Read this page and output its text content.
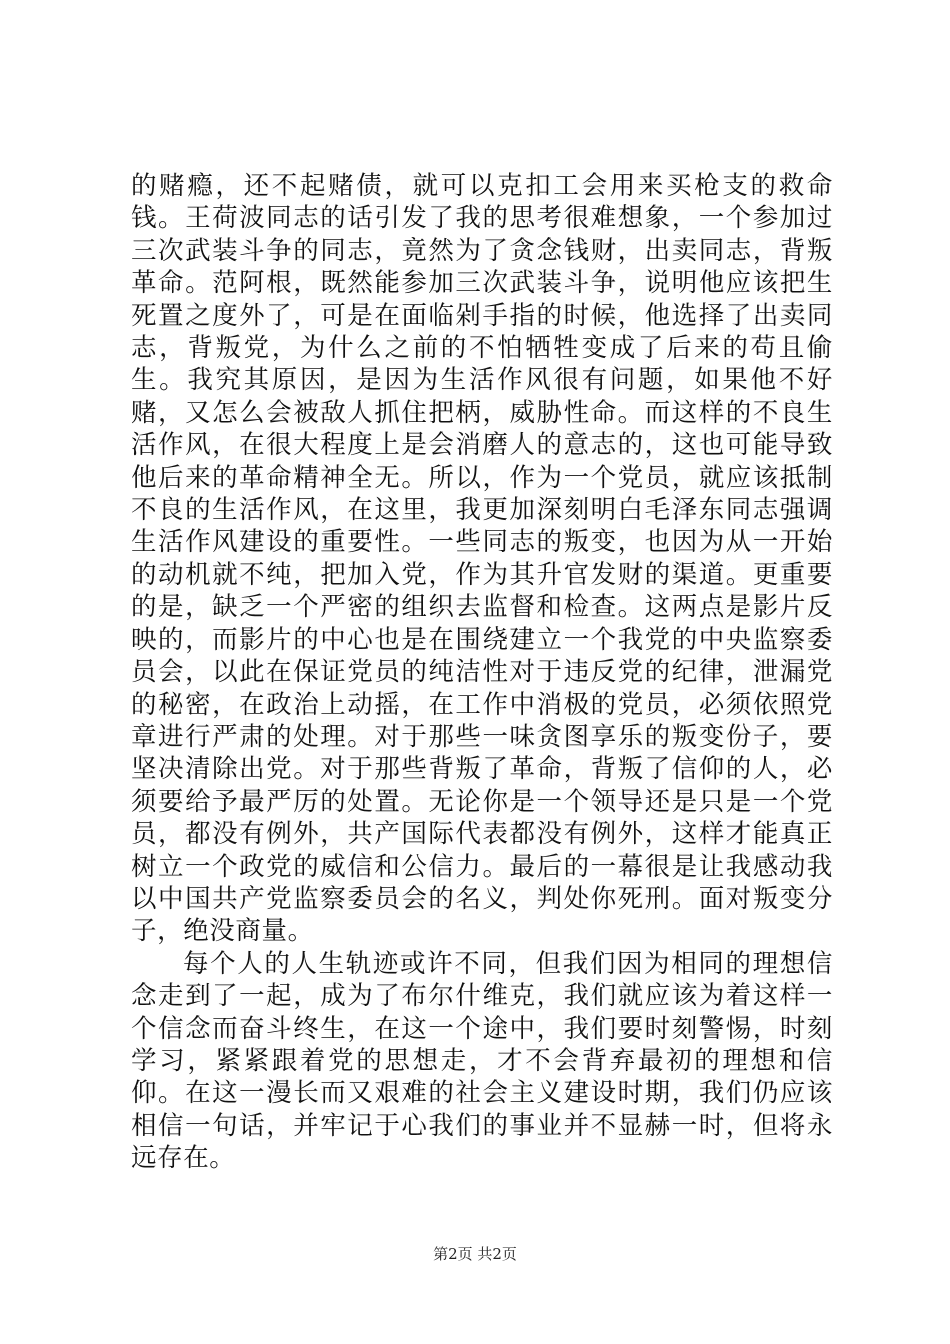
的赌瘾，还不起赌债，就可以克扣工会用来买枪支的救命钱。王荷波同志的话引发了我的思考很难想象，一个参加过三次武装斗争的同志，竟然为了贪念钱财，出卖同志，背叛革命。范阿根，既然能参加三次武装斗争，说明他应该把生死置之度外了，可是在面临剁手指的时候，他选择了出卖同志，背叛党，为什么之前的不怕牺牲变成了后来的苟且偷生。我究其原因，是因为生活作风很有问题，如果他不好赌，又怎么会被敌人抓住把柄，威胁性命。而这样的不良生活作风，在很大程度上是会消磨人的意志的，这也可能导致他后来的革命精神全无。所以，作为一个党员，就应该抵制不良的生活作风，在这里，我更加深刻明白毛泽东同志强调生活作风建设的重要性。一些同志的叛变，也因为从一开始的动机就不纯，把加入党，作为其升官发财的渠道。更重要的是，缺乏一个严密的组织去监督和检查。这两点是影片反映的，而影片的中心也是在围绕建立一个我党的中央监察委员会，以此在保证党员的纯洁性对于违反党的纪律，泄漏党的秘密，在政治上动摇，在工作中消极的党员，必须依照党章进行严肃的处理。对于那些一味贪图享乐的叛变份子，要坚决清除出党。对于那些背叛了革命，背叛了信仰的人，必须要给予最严厉的处置。无论你是一个领导还是只是一个党员，都没有例外，共产国际代表都没有例外，这样才能真正树立一个政党的威信和公信力。最后的一幕很是让我感动我以中国共产党监察委员会的名义，判处你死刑。面对叛变分子，绝没商量。

每个人的人生轨迹或许不同，但我们因为相同的理想信念走到了一起，成为了布尔什维克，我们就应该为着这样一个信念而奋斗终生，在这一个途中，我们要时刻警惕，时刻学习，紧紧跟着党的思想走，才不会背弃最初的理想和信仰。在这一漫长而又艰难的社会主义建设时期，我们仍应该相信一句话，并牢记于心我们的事业并不显赫一时，但将永远存在。

第2页 共2页
